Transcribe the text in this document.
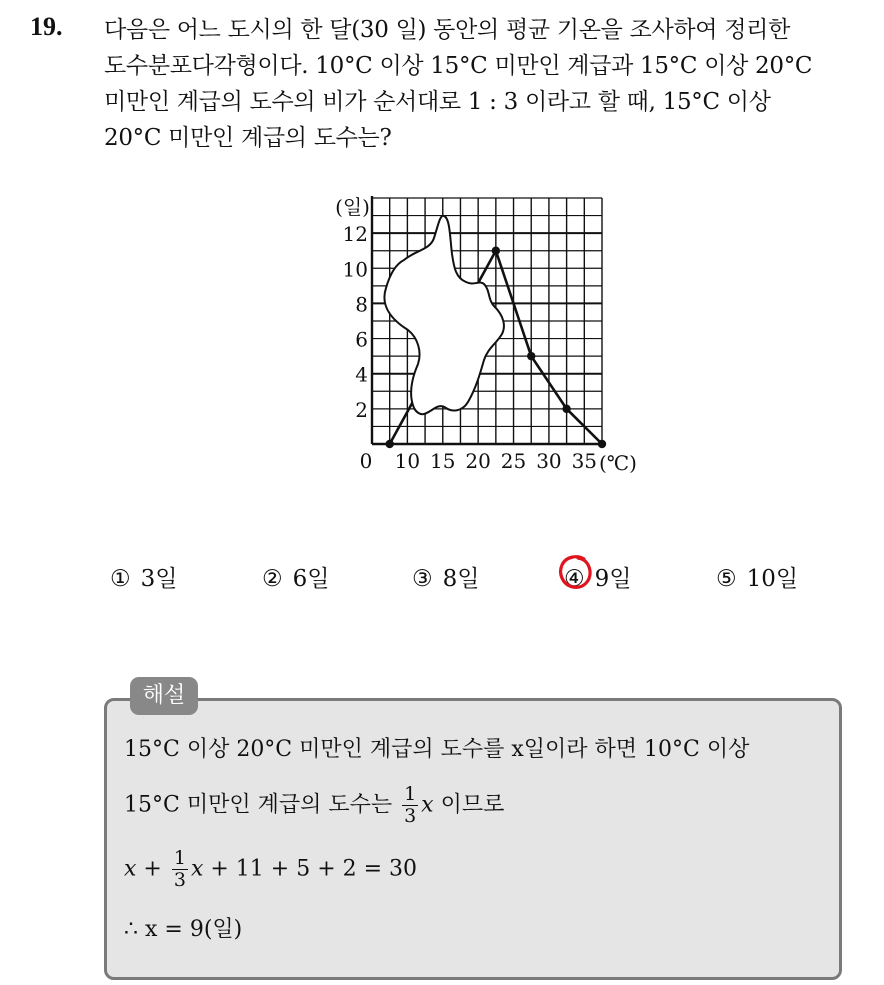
19. 다음은 어느 도시의 한 달(30 일) 동안의 평균 기온을 조사하여 정리한
도수분포다각형이다. 10°C 이상 15°C 미만인 계급과 15°C 이상 20°C
미만인 계급의 도수의 비가 순서대로 1 : 3 이라고 할 때, 15°C 이상
20°C 미만인 계급의 도수는?
2
4
6
8
10
12
(일)
0 10 15 20 25 30 35 (℃)
① 3일	② 6일	③ 8일	④ 9일	⑤ 10일
해설
15°C 이상 20°C 미만인 계급의 도수를 x일이라 하면 10°C 이상
15°C 미만인 계급의 도수는 $\frac{1}{3}$ x 이므로
$x + \frac{1}{3}$ x + 11 + 5 + 2 = 30
∴ x = 9(일)
